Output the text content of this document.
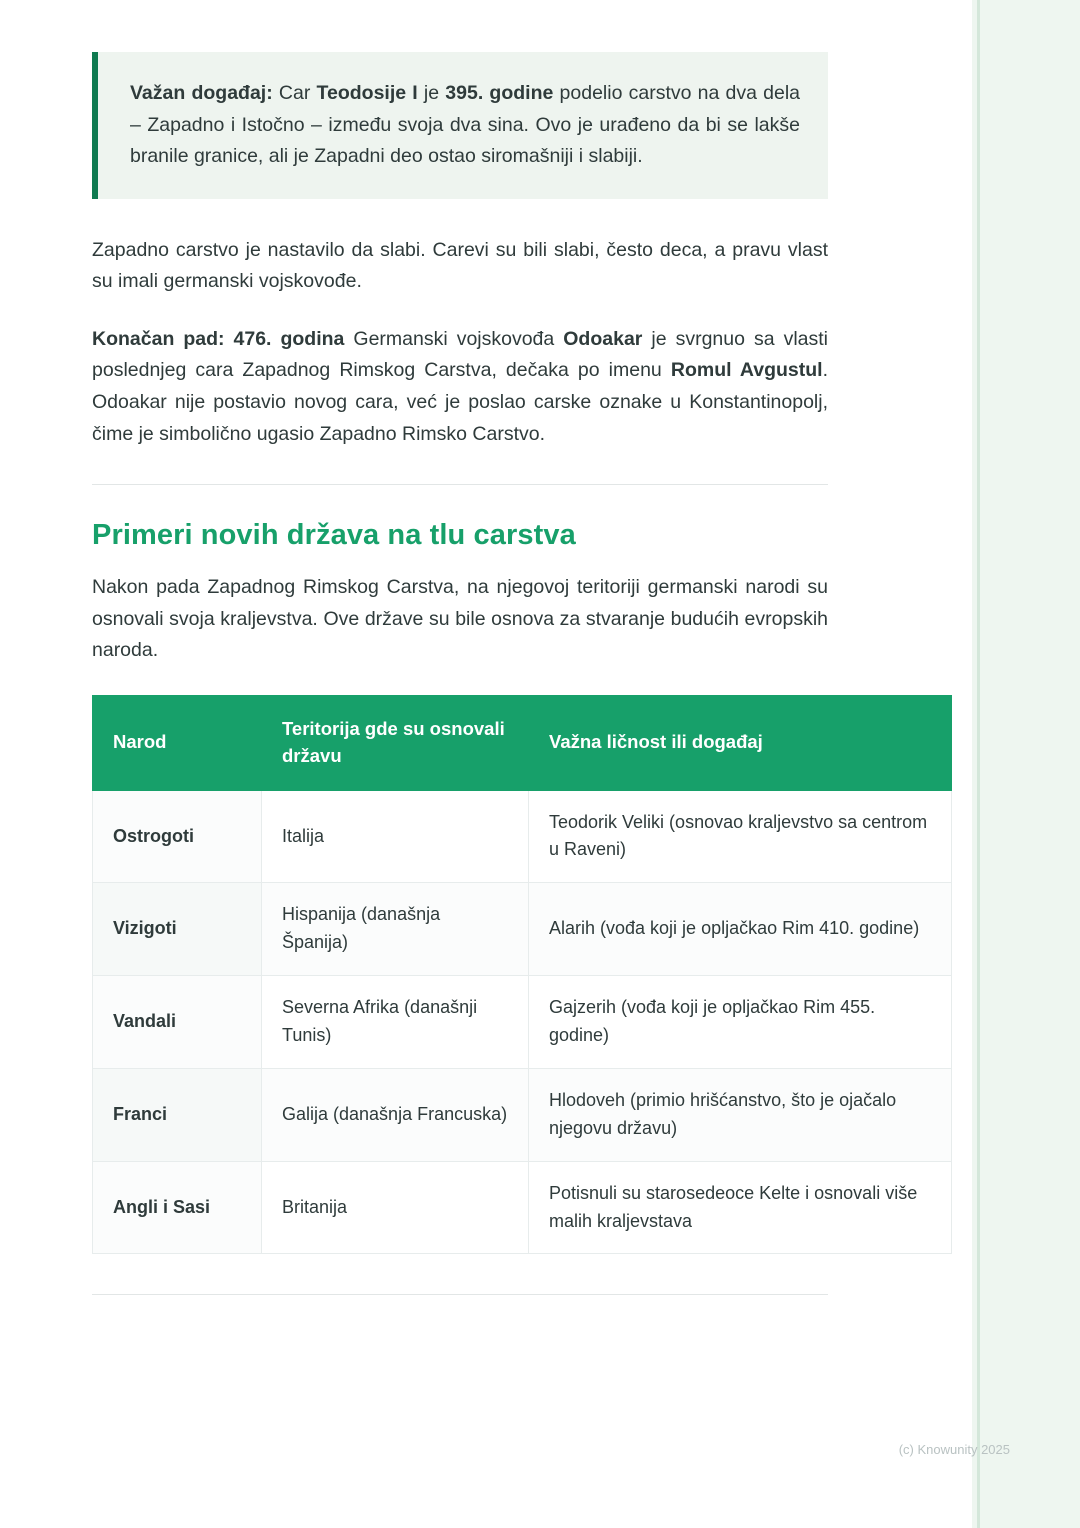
Važan događaj: Car Teodosije I je 395. godine podelio carstvo na dva dela – Zapadno i Istočno – između svoja dva sina. Ovo je urađeno da bi se lakše branile granice, ali je Zapadni deo ostao siromašniji i slabiji.

Zapadno carstvo je nastavilo da slabi. Carevi su bili slabi, često deca, a pravu vlast su imali germanski vojskovođe.

Konačan pad: 476. godina Germanski vojskovođa Odoakar je svrgnuo sa vlasti poslednjeg cara Zapadnog Rimskog Carstva, dečaka po imenu Romul Avgustul. Odoakar nije postavio novog cara, već je poslao carske oznake u Konstantinopolj, čime je simbolično ugasio Zapadno Rimsko Carstvo.

Primeri novih država na tlu carstva

Nakon pada Zapadnog Rimskog Carstva, na njegovoj teritoriji germanski narodi su osnovali svoja kraljevstva. Ove države su bile osnova za stvaranje budućih evropskih naroda.

Narod	Teritorija gde su osnovali državu	Važna ličnost ili događaj
Ostrogoti	Italija	Teodorik Veliki (osnovao kraljevstvo sa centrom u Raveni)
Vizigoti	Hispanija (današnja Španija)	Alarih (vođa koji je opljačkao Rim 410. godine)
Vandali	Severna Afrika (današnji Tunis)	Gajzerih (vođa koji je opljačkao Rim 455. godine)
Franci	Galija (današnja Francuska)	Hlodoveh (primio hrišćanstvo, što je ojačalo njegovu državu)
Angli i Sasi	Britanija	Potisnuli su starosedeoce Kelte i osnovali više malih kraljevstava
(c) Knowunity 2025
